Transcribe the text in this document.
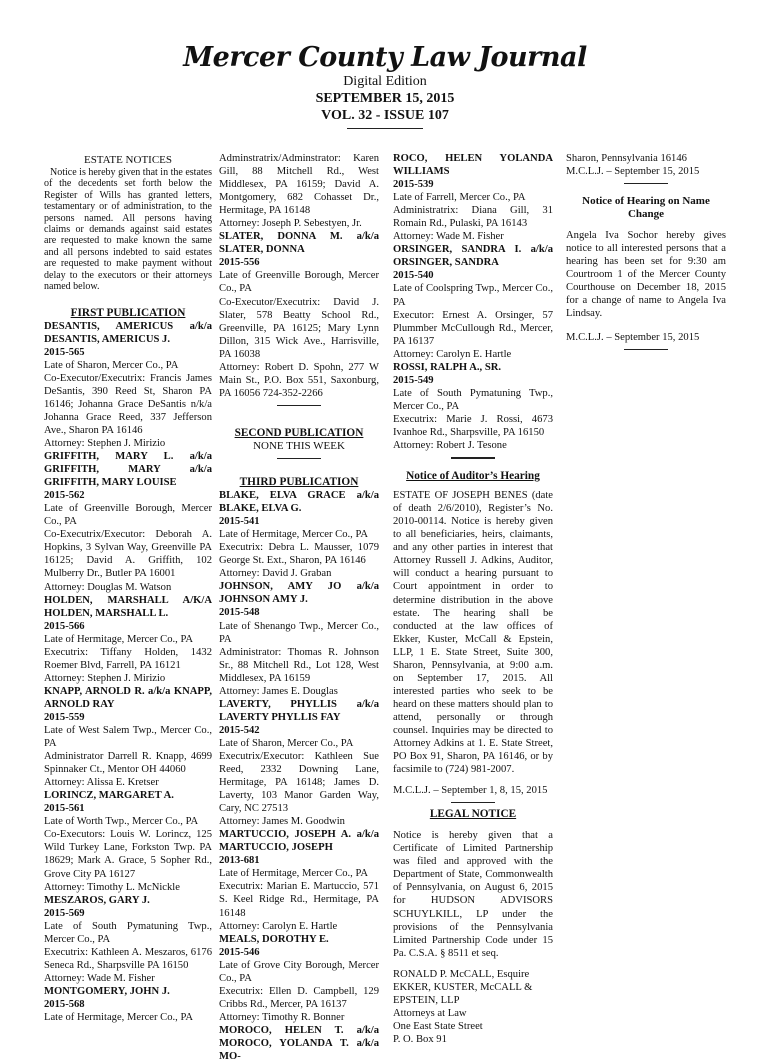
Mercer County Law Journal
Digital Edition
SEPTEMBER 15, 2015
VOL. 32 - ISSUE 107

ESTATE NOTICES

Notice is hereby given that in the estates of the decedents set forth below the Register of Wills has granted letters, testamentary or of administration, to the persons named. All persons having claims or demands against said estates are requested to make known the same and all persons indebted to said estates are requested to make payment without delay to the executors or their attorneys named below.

FIRST PUBLICATION

DESANTIS, AMERICUS a/k/a DESANTIS, AMERICUS J.

2015-565

Late of Sharon, Mercer Co., PA

Co-Executor/Executrix: Francis James DeSantis, 390 Reed St, Sharon PA 16146; Johanna Grace DeSantis n/k/a Johanna Grace Reed, 337 Jefferson Ave., Sharon PA 16146

Attorney: Stephen J. Mirizio

GRIFFITH, MARY L. a/k/a GRIFFITH, MARY a/k/a GRIFFITH, MARY LOUISE

2015-562

Late of Greenville Borough, Mercer Co., PA

Co-Executrix/Executor: Deborah A. Hopkins, 3 Sylvan Way, Greenville PA 16125; David A. Griffith, 102 Mulberry Dr., Butler PA 16001

Attorney: Douglas M. Watson

HOLDEN, MARSHALL A/K/A HOLDEN, MARSHALL L.

2015-566

Late of Hermitage, Mercer Co., PA

Executrix: Tiffany Holden, 1432 Roemer Blvd, Farrell, PA 16121

Attorney: Stephen J. Mirizio

KNAPP, ARNOLD R. a/k/a KNAPP, ARNOLD RAY

2015-559

Late of West Salem Twp., Mercer Co., PA

Administrator Darrell R. Knapp, 4699 Spinnaker Ct., Mentor OH 44060

Attorney: Alissa E. Kretser

LORINCZ, MARGARET A.

2015-561

Late of Worth Twp., Mercer Co., PA

Co-Executors: Louis W. Lorincz, 125 Wild Turkey Lane, Forkston Twp. PA 18629; Mark A. Grace, 5 Sopher Rd., Grove City PA 16127

Attorney: Timothy L. McNickle

MESZAROS, GARY J.

2015-569

Late of South Pymatuning Twp., Mercer Co., PA

Executrix: Kathleen A. Meszaros, 6176 Seneca Rd., Sharpsville PA 16150

Attorney: Wade M. Fisher

MONTGOMERY, JOHN J.

2015-568

Late of Hermitage, Mercer Co., PA

Adminstratrix/Adminstrator: Karen Gill, 88 Mitchell Rd., West Middlesex, PA 16159; David A. Montgomery, 682 Cohasset Dr., Hermitage, PA 16148

Attorney: Joseph P. Sebestyen, Jr.

SLATER, DONNA M. a/k/a SLATER, DONNA

2015-556

Late of Greenville Borough, Mercer Co., PA

Co-Executor/Executrix: David J. Slater, 578 Beatty School Rd., Greenville, PA 16125; Mary Lynn Dillon, 315 Wick Ave., Harrisville, PA 16038

Attorney: Robert D. Spohn, 277 W Main St., P.O. Box 551, Saxonburg, PA 16056 724-352-2266

SECOND PUBLICATION

NONE THIS WEEK

THIRD PUBLICATION

BLAKE, ELVA GRACE a/k/a BLAKE, ELVA G.

2015-541

Late of Hermitage, Mercer Co., PA

Executrix: Debra L. Mausser, 1079 George St. Ext., Sharon, PA 16146

Attorney: David J. Graban

JOHNSON, AMY JO a/k/a JOHNSON AMY J.

2015-548

Late of Shenango Twp., Mercer Co., PA

Administrator: Thomas R. Johnson Sr., 88 Mitchell Rd., Lot 128, West Middlesex, PA 16159

Attorney: James E. Douglas

LAVERTY, PHYLLIS a/k/a LAVERTY PHYLLIS FAY

2015-542

Late of Sharon, Mercer Co., PA

Executrix/Executor: Kathleen Sue Reed, 2332 Downing Lane, Hermitage, PA 16148; James D. Laverty, 103 Manor Garden Way, Cary, NC 27513

Attorney: James M. Goodwin

MARTUCCIO, JOSEPH A. a/k/a MARTUCCIO, JOSEPH

2013-681

Late of Hermitage, Mercer Co., PA

Executrix: Marian E. Martuccio, 571 S. Keel Ridge Rd., Hermitage, PA 16148

Attorney: Carolyn E. Hartle

MEALS, DOROTHY E.

2015-546

Late of Grove City Borough, Mercer Co., PA

Executrix: Ellen D. Campbell, 129 Cribbs Rd., Mercer, PA 16137

Attorney: Timothy R. Bonner

MOROCO, HELEN T. a/k/a MOROCO, YOLANDA T. a/k/a MO-

ROCO, HELEN YOLANDA WILLIAMS

2015-539

Late of Farrell, Mercer Co., PA

Administratrix: Diana Gill, 31 Romain Rd., Pulaski, PA 16143

Attorney: Wade M. Fisher

ORSINGER, SANDRA I. a/k/a ORSINGER, SANDRA

2015-540

Late of Coolspring Twp., Mercer Co., PA

Executor: Ernest A. Orsinger, 57 Plummber McCullough Rd., Mercer, PA 16137

Attorney: Carolyn E. Hartle

ROSSI, RALPH A., SR.

2015-549

Late of South Pymatuning Twp., Mercer Co., PA

Executrix: Marie J. Rossi, 4673 Ivanhoe Rd., Sharpsville, PA 16150

Attorney: Robert J. Tesone

Notice of Auditor’s Hearing

ESTATE OF JOSEPH BENES (date of death 2/6/2010), Register’s No. 2010-00114. Notice is hereby given to all beneficiaries, heirs, claimants, and any other parties in interest that Attorney Russell J. Adkins, Auditor, will conduct a hearing pursuant to Court appointment in order to determine distribution in the above estate. The hearing shall be conducted at the law offices of Ekker, Kuster, McCall & Epstein, LLP, 1 E. State Street, Suite 300, Sharon, Pennsylvania, at 9:00 a.m. on September 17, 2015. All interested parties who seek to be heard on these matters should plan to attend, personally or through counsel. Inquiries may be directed to Attorney Adkins at 1. E. State Street, PO Box 91, Sharon, PA 16146, or by facsimile to (724) 981-2007.

M.C.L.J. – September 1, 8, 15, 2015

LEGAL NOTICE

Notice is hereby given that a Certificate of Limited Partnership was filed and approved with the Department of State, Commonwealth of Pennsylvania, on August 6, 2015 for HUDSON ADVISORS SCHUYLKILL, LP under the provisions of the Pennsylvania Limited Partnership Code under 15 Pa. C.S.A. § 8511 et seq.

RONALD P. McCALL, Esquire

EKKER, KUSTER, McCALL &

EPSTEIN, LLP

Attorneys at Law

One East State Street

P. O. Box 91

Sharon, Pennsylvania 16146

M.C.L.J. – September 15, 2015

Notice of Hearing on Name Change

Angela Iva Sochor hereby gives notice to all interested persons that a hearing has been set for 9:30 am Courtroom 1 of the Mercer County Courthouse on December 18, 2015 for a change of name to Angela Iva Lindsay.

M.C.L.J. – September 15, 2015
